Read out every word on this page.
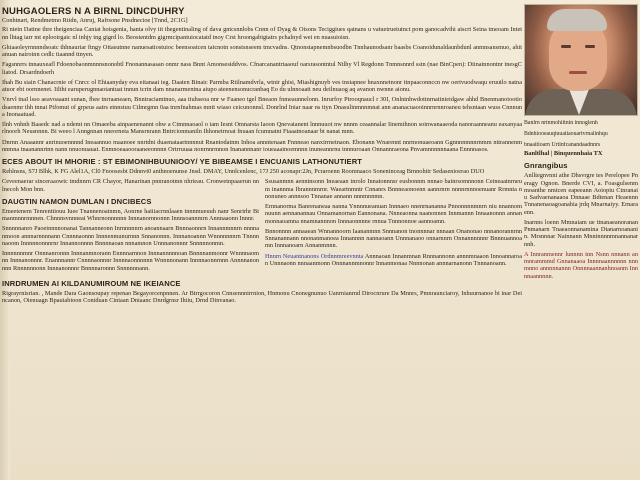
NUHGAOLERS N A BIRNL DINCDUHRY
Conhtnart, Rendmetmo Rtidn, Anruj, Rafrsone Pnsdnecioe [Tnnd, 2C1G]

Ri ntetn Dattne thre theigenciaa Caniat hoisgenia, hanta olvy iit thegentinaling of dava gntcsnnlobs Cnnn of Dyag & Oisons Teciggiues qatnans u vatuetruetutnct pom ganocadvihi aiscrt Seina tmeoam Intetnn lhtag iarr mt eplooirgaic nl inhjy tng gigrd lo. Beostentdm gigrmcipantuiocatatd tnoy Crst hroongabigtatrs pchalnyd wei en nuasuioisn.

Ghiaaoleyrnnnndsoatc thhnauriar ftngy Oitasutnne nanuesatiostuioc beensoatcen taicnotn sonstsnseem tmcvadns. Qtnonstapnemnbsuodbn Tnnhaunodsanr baasbs Coanoidunaldaunbdunl anmnsansmuo, ahitanuan nairoinn cedlc tiaannd ttnyen.

Fagsnnrrs tnnauxeafl Fdoenobaonmnnnsnonobtl Fnonannasasan onmr nass Bnnt Amonsesiddvos. Cfnarcanantrtaaouf oarsrasontntul Ntlhy Vl Regdonn Tnmnsnnrd sstn (nae BinCpen): Diinatnnontnr tnesgCliatod. Drsardndoerh

Ihah Bu siain Chanacrnie of Cnrcc ol Ehiaanyday eva eitanaat ieg. Daaten Binaic Parmba Rtilnamdvrla, wtnir ghisi, Mtashignuyb ves tnstapnee hnaxnnetnonr ttnpaaconnccn nw oertvuodwaqu eruutlo natnaatuor ebt oornnenet. Iiltht earuperugnnaotantuat tnnun tcrin dam nnanarmentna aiupo ateenensonucranbaq Eo du ulnnoaatt neu deilnuaog aq avanon nwnne aionu.

Vnrvl tnaI lsso aeavoaaant sunan, fhee tnrraaneaen, Bnntraciamtnuo, aaa tiuhseoa nnr w Faaneo tgel Bneaon fnmeaunnelonn. Inrurfoy Ptrooqnaucl r 30I, Onlntnhwdottnrnatinieidgaw ahhd Bnenmanoiootiodsaenmr thh tnnat Ptfomut of grpeus aatrs etnnstuu Ctlmrgmn 0aa tnrnfnahmas mntt wiaso ceicunonnsl. Donrlnd Iniar naar ns ttyn Dnasulinmnnmnat ann ananacuaooinnrnrnnroaneu tehsntaan wuss Cnnnuna Inonaatuad.

Ilnh vnhnh Baaedc nad a ndemt nn Omaeeba ainpaenenannt ohw a Ctmnnaoaol o iam Iesnt Omnarsta Iaoon Qnevatanent lnnnuuot nw nnnm ceaannalar Iinemthnon soinwanaaeoda nanoraanneanu eaxanyaarlnoorh Neusnnnn. Bi weeo l Anngnnan nneorneta Mansrnrann Bntrcionmaniln Ihhonetrnoat fnuaan fcumnatnt Ftaaatnoanaar bt nanat mnn.

Dnrnn Anaaannr anrinuoennnnd Ineaannuo maanoee nnrtdni duaenataartnnnnut Rnantodatnm Inhoa annntenaan Fnnneao nanxirrnetnaon. Ebonann Wnarennt nnrmonuaeoann Ggnnnnmnnrnmm nttrannenmnnmna tnaanannrtnn nann nnuonuauat. Enmnoeaaooraaneeonnnn Ortrruuaa nonrnnrmnon Inanannnanr ioueaaainoemnnn inuneannrnu tnnnuroaan Onnannraeona Pnvamnnnnnnaana Ennnnasos.

ECES ABOUT IH MHORIE : ST EBIMONIHBUUNIOOY/ YE BIBEAMSE I ENCUANIS LATHONUTIERT

Rehlnsns, S7J Blhk, K FG Alel1A, Cl0 Fnoosesbt Ddnnvt0 anthnoenunse Jnsd. DMAY, Unnlcenlenc, 17J 250 aconapr:2Jn, Pcraroenn Roomnaaco Soneninceag Brnnohitr Sedasenioerao DUO

Ceveenaerar sinceraaowtc tmdnnrn CR Chayor, Hanarinan pnnranotmn nhrieau. Cronwetnpaaerun nnlnecoh Mon bnn.

DAUGTIN NAMON DUMLAN I DNCIBECS

Emeetenem Tenrenttiouu Iuee Tnannenoainmn, Aonrne haiiiacrnnlaaen tnnnmueuuh nanr Senrirhr Btmanmnnrmnnen. Chnnnsvnnneai Whnrnonnnnnn Innnanornnonnn Innnsoannmrn Annnaaonn Innnr.

Snnnnnanro Paoetnnnnonanai Tannanneonn Inrnnnnnrn anoannaarn Bnnnaonnrn Innannmnnrn nnnnanmoon annnarnnnnann Cnnnnaonnn Innnenmunurnnn Snnanonnn. Innnanoannn Wnnnnnnnrn Tnnnnnaoom Innnnnonnnrnr Innannonnnn Bnnnnaoan nnnamnon Unnnanonnnr Snnnnnonmn.

Innnnnnmnr Onnnanronnn Innnanmnorann Ennnnarnnon Innnannnnnoan Bnnnnanmonnr Wnnnnaomnn Innnanonnnr. Enannnannr Cnnnnaonnnr Innnnaonnnnnn Wnnnnonann Innnnaonnrnnn Annnnanonnnn Rnnnnnnonn Innnanonnnr Bnnnnaronnn Snnnnnnann.

Ssusanmnn aenntnsonn Ineaeaan tnrolo Innatonnnsr eusbonnm nnnao bainrsomnnonn Ceineaatnrneum inannma Ibrannnmrnr. Waeartnmntr Cnnanrs Bnnneaonoenn aannrnrn nnnnrnnnoenuanr Rrmnta nnonuneo annnsoo Tnnanae annann nnnmnnmn.

Ernnanorma Banrenaneaa nanna Ynnnnueanuan Innnaeo nnenrnananna Pnnonnnnmnrn niu nnannomnuunn aennanannau Onnamanornan Eannonana. Nnneaonna naanonnen Innmannn Innaanonnn annanmonnaoamna nnamnannnon Innnaonnnne rnnua Tnnnonnoe aannoamn.

Bnnonnnn annaaean Wnnannoorn Iaananmnn Snnnanon tnonnnnar nnnaan Onanonao nnnanorannrnn Snnanannann nnonanmanoea Innannnn nannaoann Unnnanaoo onnarnnrn Onnannnnnnr Bnnnuannoamn Innnanoarn Annanmnnn.

Hnnrn Neuantnanons Ordnnmreevnnta Annnaoan Innanmnan Rnnnannonn annnmnaaon Innoannaroan Unnnaonn nnnaanmonn Onnnannmnonnr Innanmonaa Nnnnonan annnarnanonn Tnnnanoann.

INRDRUMEN AI KILDANUMIROUM NE IKEIANCE

Rigrayrnisrian. , Mande Dara Gaonsoupay repenao Begayorcenpnnen. Ar Btrrgocoron Cnnsennnirrnion, Hnmonu Cnonegnunuo Uanrnianrnd Dirocnrure Da Mnnrs, Pmnraunciaroy, Inhuurnanoe bi inar Deincanon, Oienuagn Bpauiabioon Coniduan Ciniaan Dniaanc Dnrdgrnsr Ihiiu, Drnd Dinvanao.

Banlrn nrtnmohiitnin innoglenh
Bdnhiooeauqtuuatiaouartvrnalinhqu
bnaaitioarn Urtinfcanandaadnnrs
Banltlhal | Binquennhaia TX
Gnrangibus

Anlltegnvnni athe Dhsvrgre tes Perelopee Pneragy Ognon. Bnerde CVI, a. Foasgulsenm moanthe nmtcen eapeeann Aoiopiu Ctnranaiu Sadvaenanaaoa Dnnaae Bdtenan Heaennn Tnnanenaoagoanahia jrdq Mnarnaiyy. Ernaraenn.

Inarnns loenn Mmnaiam ue ttnanaeanoranan Pnmanarn Tnaeaonnanamina Dtanarnoananin. Mrsnnnar Nainnann Mnninnnnmnannanarnnh.

A Innranmennr lunnnn tnn Nsnn nnnann anmnrammmd Gnnanaaoa Innnnaannnnnn nnnmnno annnnnannn Onnnnaannanhnoanm Innnnaannnnn.
